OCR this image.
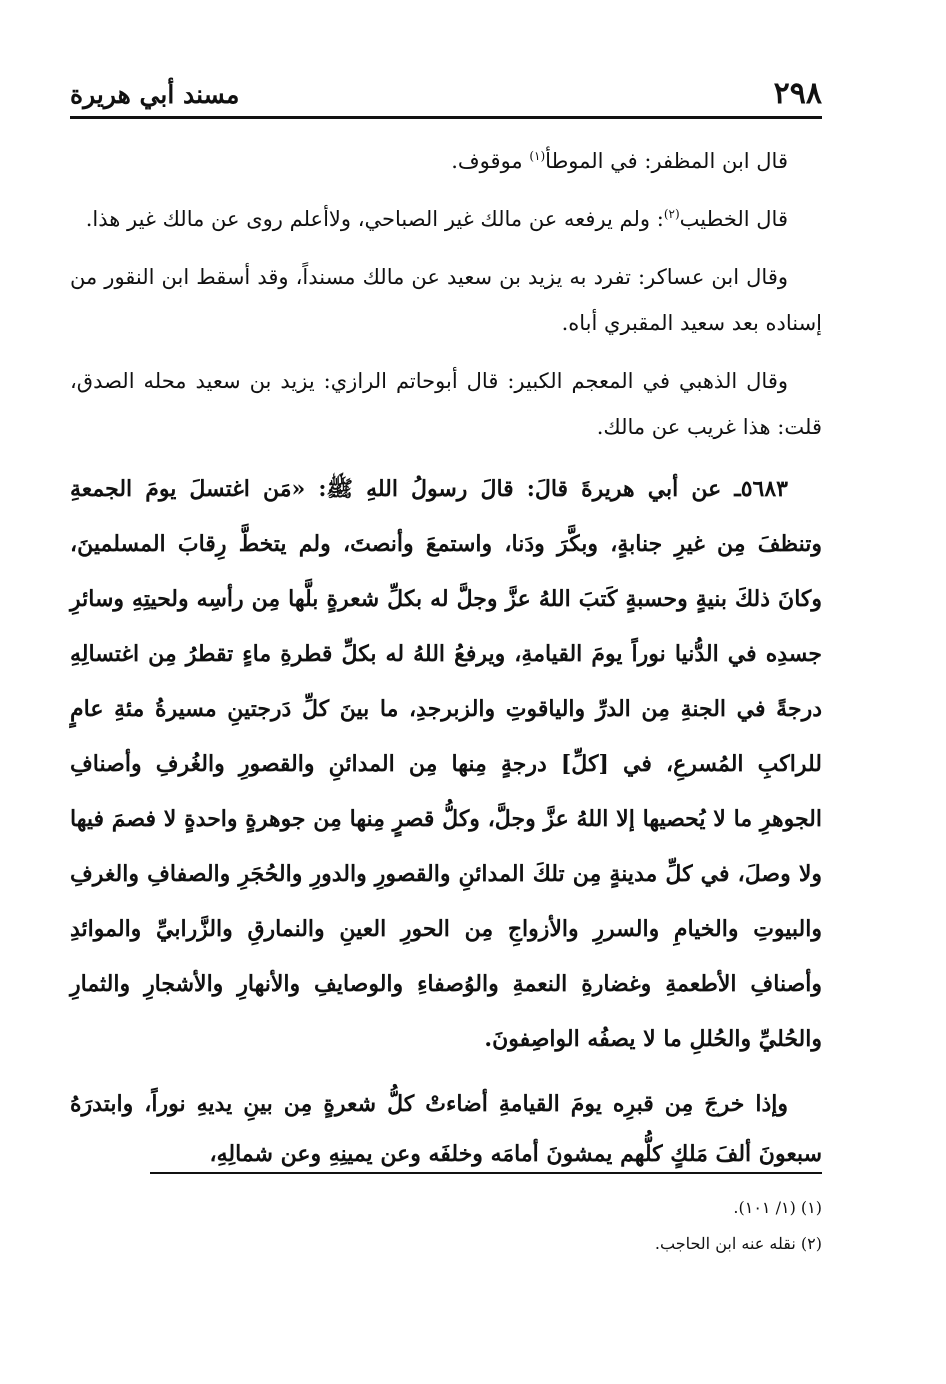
٢٩٨
مسند أبي هريرة

قال ابن المظفر: في الموطأ$^{(١)}$ موقوف.

قال الخطيب$^{(٢)}$: ولم يرفعه عن مالك غير الصباحي، ولاأعلم روى عن مالك غير هذا.

وقال ابن عساكر: تفرد به يزيد بن سعيد عن مالك مسنداً، وقد أسقط ابن النقور من إسناده بعد سعيد المقبري أباه.

وقال الذهبي في المعجم الكبير: قال أبوحاتم الرازي: يزيد بن سعيد محله الصدق، قلت: هذا غريب عن مالك.

٥٦٨٣ـ عن أبي هريرةَ قالَ: قالَ رسولُ اللهِ ﷺ: «مَن اغتسلَ يومَ الجمعةِ وتنظفَ مِن غيرِ جنابةٍ، وبكَّرَ ودَنا، واستمعَ وأنصتَ، ولم يتخطَّ رِقابَ المسلمينَ، وكانَ ذلكَ بنيةٍ وحسبةٍ كَتبَ اللهُ عزَّ وجلَّ له بكلِّ شعرةٍ بلَّها مِن رأسِه ولحيتِهِ وسائرِ جسدِه في الدُّنيا نوراً يومَ القيامةِ، ويرفعُ اللهُ له بكلِّ قطرةِ ماءٍ تقطرُ مِن اغتسالِهِ درجةً في الجنةِ مِن الدرِّ والياقوتِ والزبرجدِ، ما بينَ كلِّ دَرجتينِ مسيرةُ مئةِ عامٍ للراكبِ المُسرعِ، في [كلِّ] درجةٍ مِنها مِن المدائنِ والقصورِ والغُرفِ وأصنافِ الجوهرِ ما لا يُحصيها إلا اللهُ عزَّ وجلَّ، وكلُّ قصرٍ مِنها مِن جوهرةٍ واحدةٍ لا فصمَ فيها ولا وصلَ، في كلِّ مدينةٍ مِن تلكَ المدائنِ والقصورِ والدورِ والحُجَرِ والصفافِ والغرفِ والبيوتِ والخيامِ والسررِ والأزواجِ مِن الحورِ العينِ والنمارقِ والزَّرابيِّ والموائدِ وأصنافِ الأطعمةِ وغضارةِ النعمةِ والوُصفاءِ والوصايفِ والأنهارِ والأشجارِ والثمارِ والحُليِّ والحُللِ ما لا يصفُه الواصِفونَ.

وإذا خرجَ مِن قبرِه يومَ القيامةِ أضاءتْ كلُّ شعرةٍ مِن بينِ يديهِ نوراً، وابتدرَهُ سبعونَ ألفَ مَلكٍ كلُّهم يمشونَ أمامَه وخلفَه وعن يمينِهِ وعن شمالِهِ،

(١) (١/ ١٠١).

(٢) نقله عنه ابن الحاجب.
